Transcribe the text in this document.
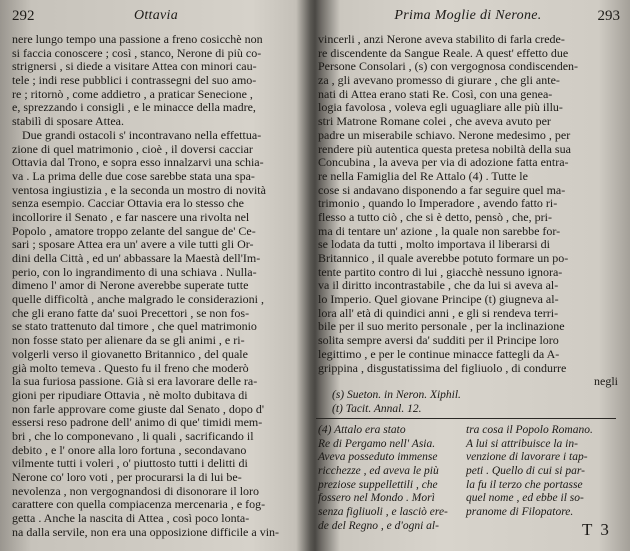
292	Ottavia
nere lungo tempo una passione a freno cosicchè non
si faccia conoscere ; così , stanco, Nerone di più co-
strignersi , si diede a visitare Attea con minori cau-
tele ; indi rese pubblici i contrassegni del suo amo-
re ; ritornò , come addietro , a praticar Senecione ,
e, sprezzando i consigli , e le minacce della madre,
stabilì di sposare Attea.
Due grandi ostacoli s' incontravano nella effettua-
zione di quel matrimonio , cioè , il doversi cacciar
Ottavia dal Trono, e sopra esso innalzarvi una schia-
va . La prima delle due cose sarebbe stata una spa-
ventosa ingiustizia , e la seconda un mostro di novità
senza esempio. Cacciar Ottavia era lo stesso che
incollorire il Senato , e far nascere una rivolta nel
Popolo , amatore troppo zelante del sangue de' Ce-
sari ; sposare Attea era un' avere a vile tutti gli Or-
dini della Città , ed un' abbassare la Maestà dell'Im-
perio, con lo ingrandimento di una schiava . Nulla-
dimeno l' amor di Nerone averebbe superate tutte
quelle difficoltà , anche malgrado le considerazioni ,
che gli erano fatte da' suoi Precettori , se non fos-
se stato trattenuto dal timore , che quel matrimonio
non fosse stato per alienare da se gli animi , e ri-
volgerli verso il giovanetto Britannico , del quale
già molto temeva . Questo fu il freno che moderò
la sua furiosa passione. Già si era lavorare delle ra-
gioni per ripudiare Ottavia , nè molto dubitava di
non farle approvare come giuste dal Senato , dopo d'
essersi reso padrone dell' animo di que' timidi mem-
bri , che lo componevano , li quali , sacrificando il
debito , e l' onore alla loro fortuna , secondavano
vilmente tutti i voleri , o' piuttosto tutti i delitti di
Nerone co' loro voti , per procurarsi la di lui be-
nevolenza , non vergognandosi di disonorare il loro
carattere con quella compiacenza mercenaria , e fog-
getta . Anche la nascita di Attea , così poco lonta-
na dalla servile, non era una opposizione difficile a vin-
Prima Moglie di Nerone.	293
vincerli , anzi Nerone aveva stabilito di farla crede-
re discendente da Sangue Reale. A quest' effetto due
Persone Consolari , (s) con vergognosa condiscenden-
za , gli avevano promesso di giurare , che gli ante-
nati di Attea erano stati Re. Così, con una genea-
logia favolosa , voleva egli uguagliare alle più illu-
stri Matrone Romane colei , che aveva avuto per
padre un miserabile schiavo. Nerone medesimo , per
rendere più autentica questa pretesa nobiltà della sua
Concubina , la aveva per via di adozione fatta entra-
re nella Famiglia del Re Attalo (4) . Tutte le
cose si andavano disponendo a far seguire quel ma-
trimonio , quando lo Imperadore , avendo fatto ri-
flesso a tutto ciò , che si è detto, pensò , che, pri-
ma di tentare un' azione , la quale non sarebbe for-
se lodata da tutti , molto importava il liberarsi di
Britannico , il quale averebbe potuto formare un po-
tente partito contro di lui , giacchè nessuno ignora-
va il diritto incontrastabile , che da lui si aveva al-
lo Imperio. Quel giovane Principe (t) giugneva al-
lora all' età di quindici anni , e gli si rendeva terri-
bile per il suo merito personale , per la inclinazione
solita sempre aversi da' sudditi per il Principe loro
legittimo , e per le continue minacce fattegli da A-
grippina , disgustatissima del figliuolo , di condurre
negli
(s) Sueton. in Neron. Xiphil.
(t) Tacit. Annal. 12.
(4) Attalo era stato
Re di Pergamo nell' Asia.
Aveva posseduto immense
ricchezze , ed aveva le più
preziose suppellettili , che
fossero nel Mondo . Morì
senza figliuoli , e lasciò ere-
de del Regno , e d'ogni al-
tra cosa il Popolo Romano.
A lui si attribuisce la in-
venzione di lavorare i tap-
peti . Quello di cui si par-
la fu il terzo che portasse
quel nome , ed ebbe il so-
pranome di Filopatore.
T 3
